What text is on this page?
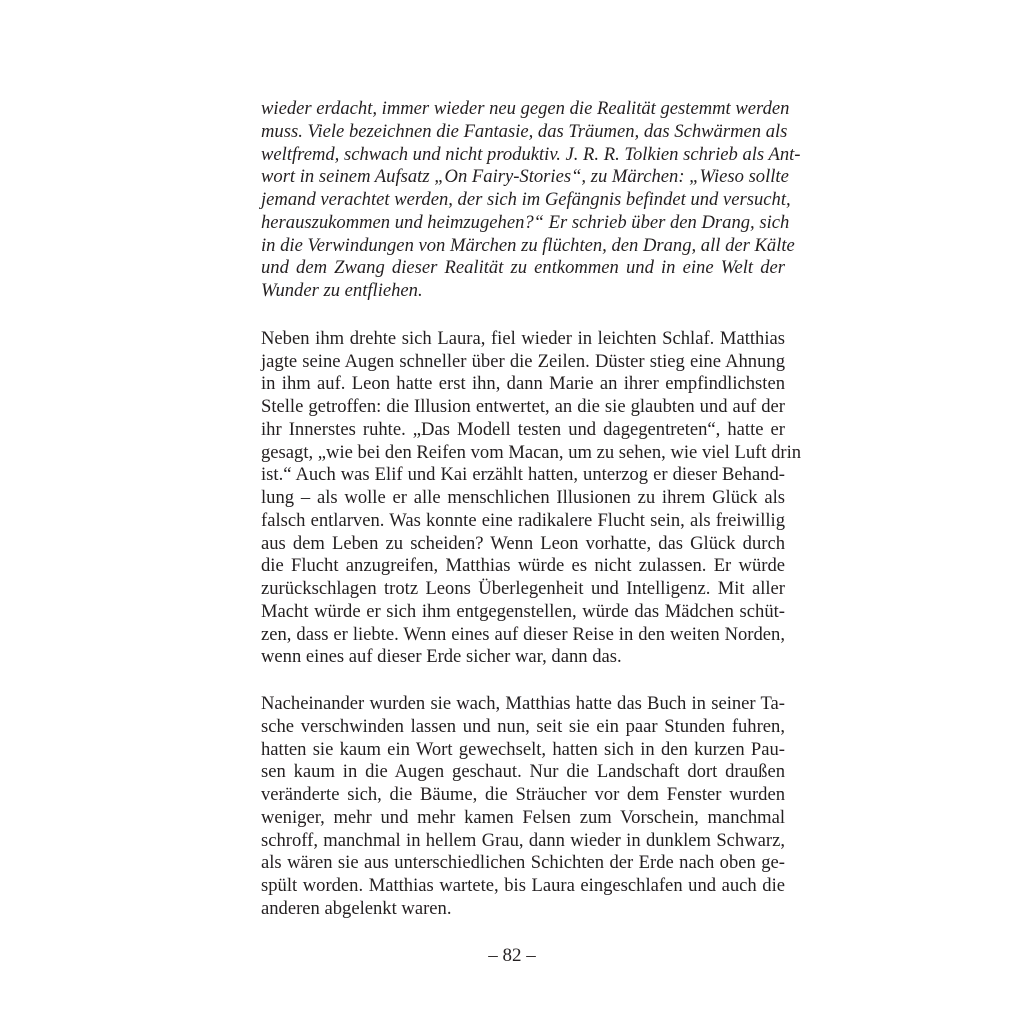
wieder erdacht, immer wieder neu gegen die Realität gestemmt werden
muss. Viele bezeichnen die Fantasie, das Träumen, das Schwärmen als
weltfremd, schwach und nicht produktiv. J. R. R. Tolkien schrieb als Ant-
wort in seinem Aufsatz „On Fairy-Stories“, zu Märchen: „Wieso sollte
jemand verachtet werden, der sich im Gefängnis befindet und versucht,
herauszukommen und heimzugehen?“ Er schrieb über den Drang, sich
in die Verwindungen von Märchen zu flüchten, den Drang, all der Kälte
und dem Zwang dieser Realität zu entkommen und in eine Welt der
Wunder zu entfliehen.
Neben ihm drehte sich Laura, fiel wieder in leichten Schlaf. Matthias
jagte seine Augen schneller über die Zeilen. Düster stieg eine Ahnung
in ihm auf. Leon hatte erst ihn, dann Marie an ihrer empfindlichsten
Stelle getroffen: die Illusion entwertet, an die sie glaubten und auf der
ihr Innerstes ruhte. „Das Modell testen und dagegentreten“, hatte er
gesagt, „wie bei den Reifen vom Macan, um zu sehen, wie viel Luft drin
ist.“ Auch was Elif und Kai erzählt hatten, unterzog er dieser Behand-
lung – als wolle er alle menschlichen Illusionen zu ihrem Glück als
falsch entlarven. Was konnte eine radikalere Flucht sein, als freiwillig
aus dem Leben zu scheiden? Wenn Leon vorhatte, das Glück durch
die Flucht anzugreifen, Matthias würde es nicht zulassen. Er würde
zurückschlagen trotz Leons Überlegenheit und Intelligenz. Mit aller
Macht würde er sich ihm entgegenstellen, würde das Mädchen schüt-
zen, dass er liebte. Wenn eines auf dieser Reise in den weiten Norden,
wenn eines auf dieser Erde sicher war, dann das.
Nacheinander wurden sie wach, Matthias hatte das Buch in seiner Ta-
sche verschwinden lassen und nun, seit sie ein paar Stunden fuhren,
hatten sie kaum ein Wort gewechselt, hatten sich in den kurzen Pau-
sen kaum in die Augen geschaut. Nur die Landschaft dort draußen
veränderte sich, die Bäume, die Sträucher vor dem Fenster wurden
weniger, mehr und mehr kamen Felsen zum Vorschein, manchmal
schroff, manchmal in hellem Grau, dann wieder in dunklem Schwarz,
als wären sie aus unterschiedlichen Schichten der Erde nach oben ge-
spült worden. Matthias wartete, bis Laura eingeschlafen und auch die
anderen abgelenkt waren.
– 82 –
